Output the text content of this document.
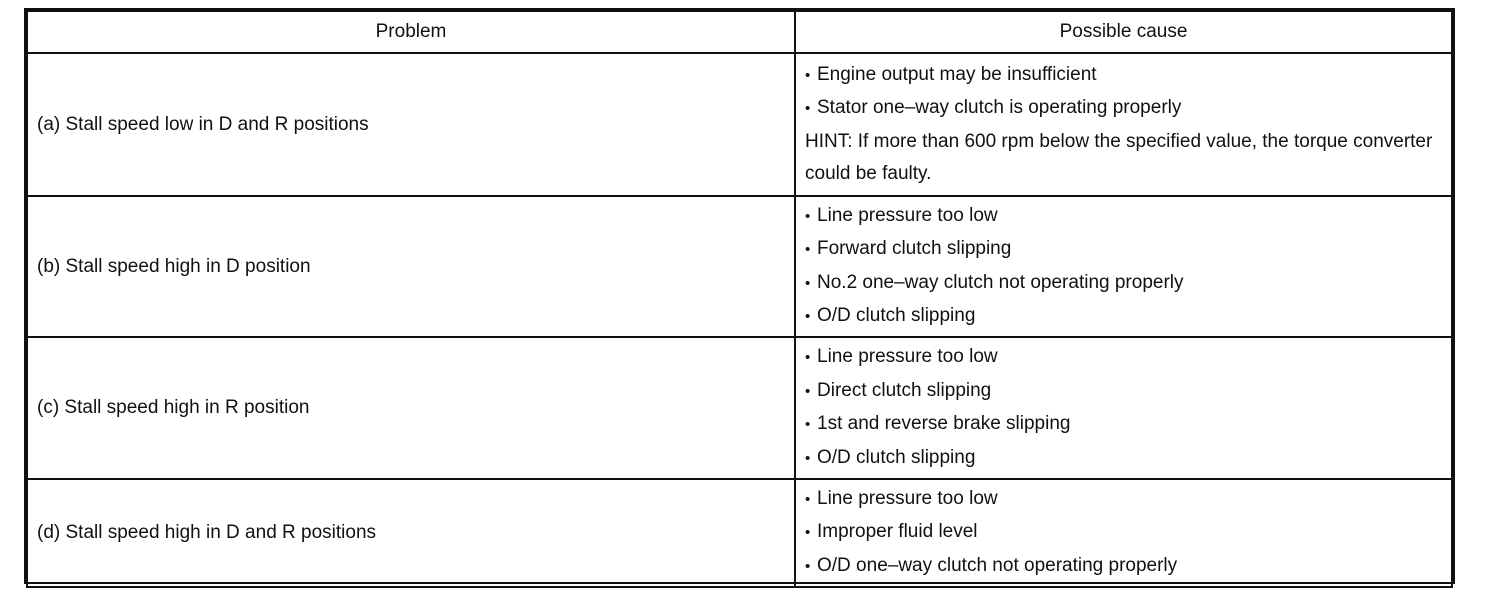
Problem	Possible cause
(a) Stall speed low in D and R positions	• Engine output may be insufficient
• Stator one–way clutch is operating properly
HINT: If more than 600 rpm below the specified value, the torque converter could be faulty.

(b) Stall speed high in D position	• Line pressure too low
• Forward clutch slipping
• No.2 one–way clutch not operating properly
• O/D clutch slipping

(c) Stall speed high in R position	• Line pressure too low
• Direct clutch slipping
• 1st and reverse brake slipping
• O/D clutch slipping

(d) Stall speed high in D and R positions	• Line pressure too low
• Improper fluid level
• O/D one–way clutch not operating properly
